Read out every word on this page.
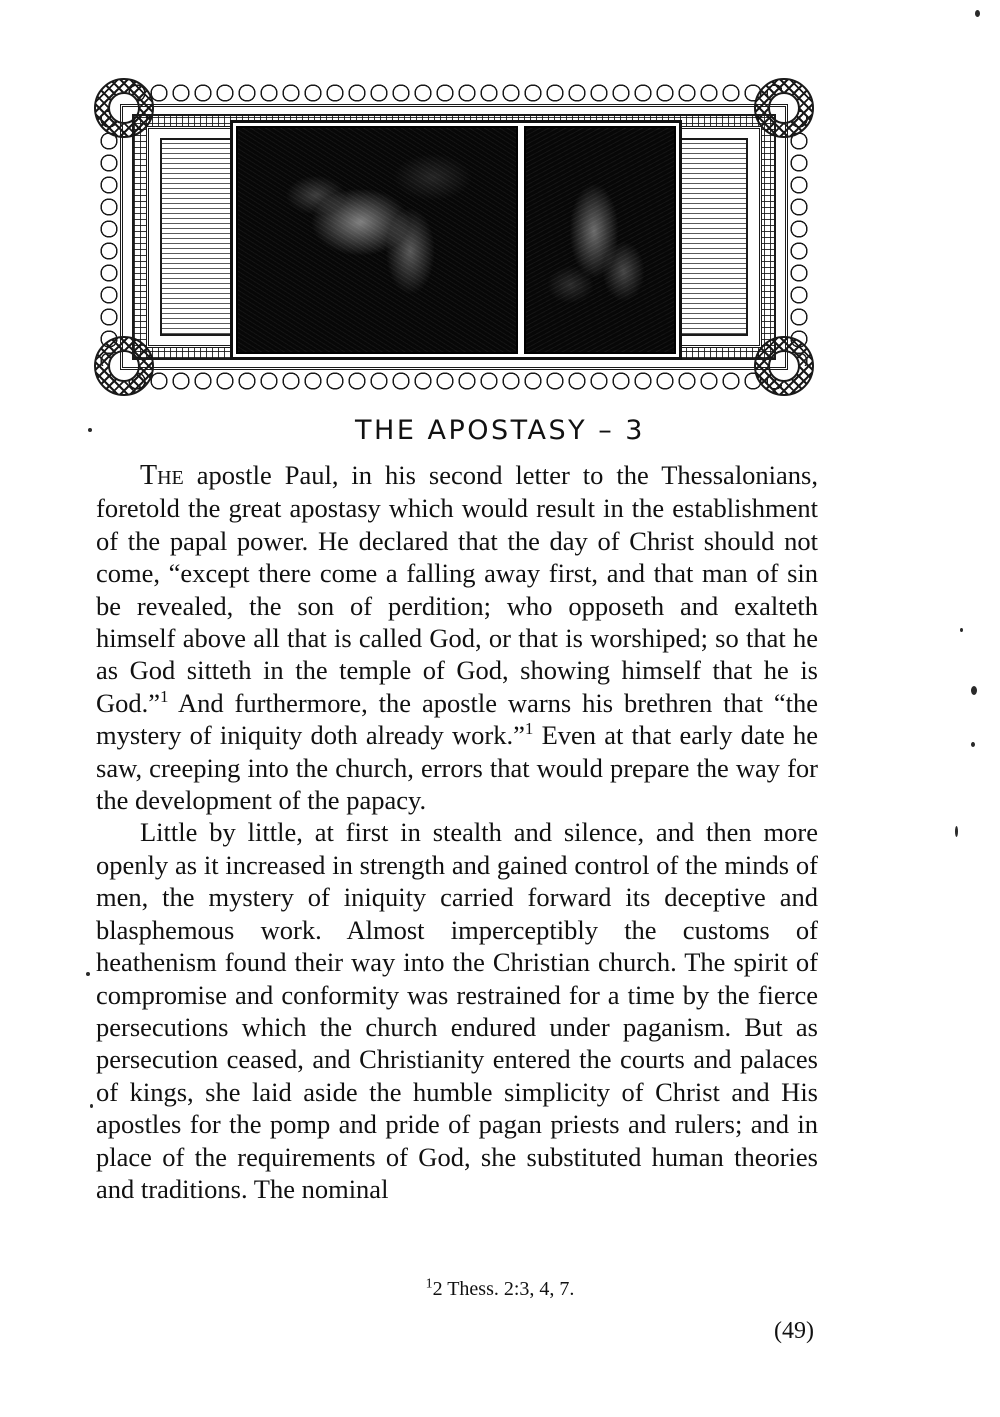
THE APOSTASY – 3

The apostle Paul, in his second letter to the Thessalonians, foretold the great apostasy which would result in the establishment of the papal power. He declared that the day of Christ should not come, “except there come a falling away first, and that man of sin be revealed, the son of perdition; who opposeth and exalteth himself above all that is called God, or that is worshiped; so that he as God sitteth in the temple of God, showing himself that he is God.”$^1$ And furthermore, the apostle warns his brethren that “the mystery of iniquity doth already work.”$^1$ Even at that early date he saw, creeping into the church, errors that would prepare the way for the development of the papacy.

Little by little, at first in stealth and silence, and then more openly as it increased in strength and gained control of the minds of men, the mystery of iniquity carried forward its deceptive and blasphemous work. Almost imperceptibly the customs of heathenism found their way into the Christian church. The spirit of compromise and conformity was restrained for a time by the fierce persecutions which the church endured under paganism. But as persecution ceased, and Christianity entered the courts and palaces of kings, she laid aside the humble simplicity of Christ and His apostles for the pomp and pride of pagan priests and rulers; and in place of the requirements of God, she substituted human theories and traditions. The nominal

$^1$2 Thess. 2:3, 4, 7.
(49)
